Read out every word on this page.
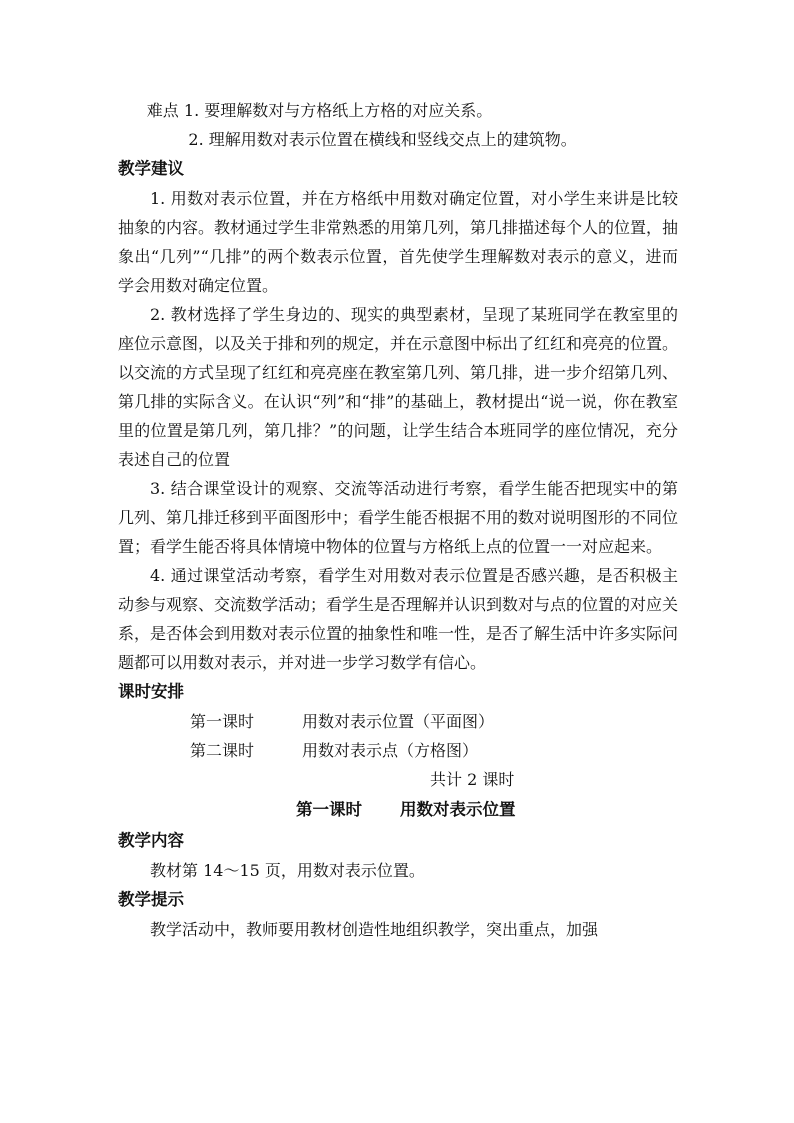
难点 1. 要理解数对与方格纸上方格的对应关系。

2. 理解用数对表示位置在横线和竖线交点上的建筑物。

教学建议

1. 用数对表示位置，并在方格纸中用数对确定位置，对小学生来讲是比较抽象的内容。教材通过学生非常熟悉的用第几列，第几排描述每个人的位置，抽象出“几列”“几排”的两个数表示位置，首先使学生理解数对表示的意义，进而学会用数对确定位置。

2. 教材选择了学生身边的、现实的典型素材，呈现了某班同学在教室里的座位示意图，以及关于排和列的规定，并在示意图中标出了红红和亮亮的位置。以交流的方式呈现了红红和亮亮座在教室第几列、第几排，进一步介绍第几列、第几排的实际含义。在认识“列”和“排”的基础上，教材提出“说一说，你在教室里的位置是第几列，第几排？”的问题，让学生结合本班同学的座位情况，充分表述自己的位置

3. 结合课堂设计的观察、交流等活动进行考察，看学生能否把现实中的第几列、第几排迁移到平面图形中；看学生能否根据不用的数对说明图形的不同位置；看学生能否将具体情境中物体的位置与方格纸上点的位置一一对应起来。

4. 通过课堂活动考察，看学生对用数对表示位置是否感兴趣，是否积极主动参与观察、交流数学活动；看学生是否理解并认识到数对与点的位置的对应关系，是否体会到用数对表示位置的抽象性和唯一性，是否了解生活中许多实际问题都可以用数对表示，并对进一步学习数学有信心。

课时安排

第一课时	用数对表示位置（平面图）

第二课时	用数对表示点（方格图）

共计 2 课时

第一课时 用数对表示位置

教学内容

教材第 14～15 页，用数对表示位置。

教学提示

教学活动中，教师要用教材创造性地组织教学，突出重点，加强
